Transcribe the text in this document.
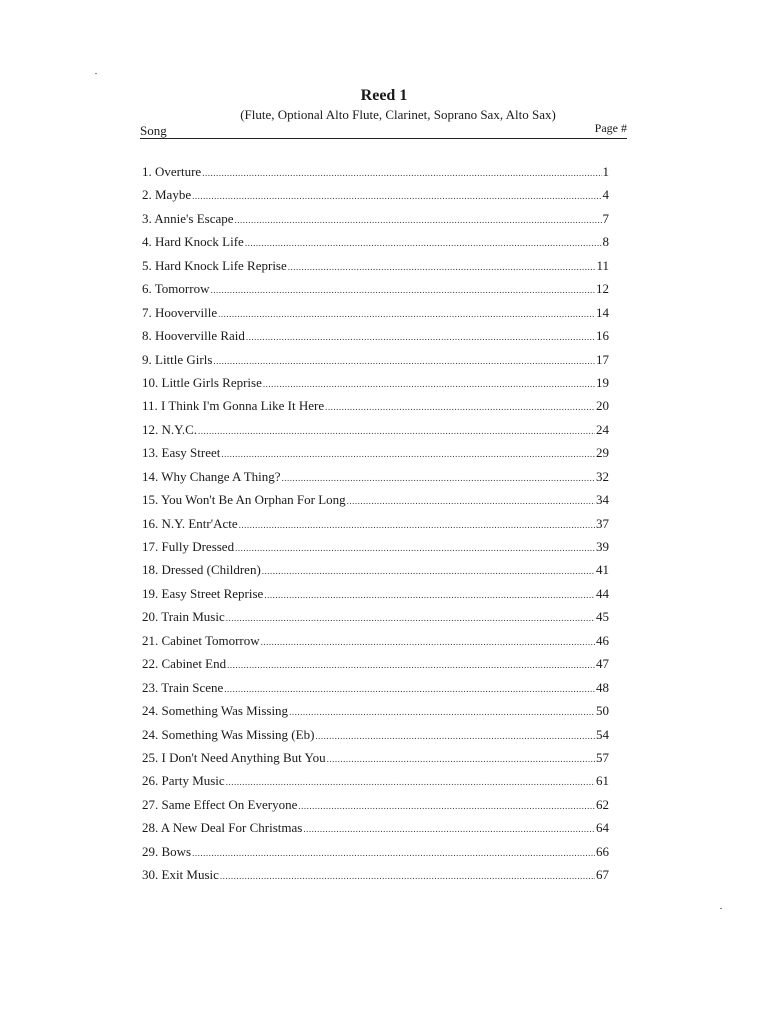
Reed 1
(Flute, Optional Alto Flute, Clarinet, Soprano Sax, Alto Sax)
Song	Page #
1. Overture .....	1
2. Maybe .....	4
3. Annie's Escape .....	7
4. Hard Knock Life .....	8
5. Hard Knock Life Reprise .....	11
6. Tomorrow .....	12
7. Hooverville .....	14
8. Hooverville Raid .....	16
9. Little Girls .....	17
10. Little Girls Reprise .....	19
11. I Think I'm Gonna Like It Here .....	20
12. N.Y.C. .....	24
13. Easy Street .....	29
14. Why Change A Thing? .....	32
15. You Won't Be An Orphan For Long .....	34
16. N.Y. Entr'Acte .....	37
17. Fully Dressed .....	39
18. Dressed (Children) .....	41
19. Easy Street Reprise .....	44
20. Train Music .....	45
21. Cabinet Tomorrow .....	46
22. Cabinet End .....	47
23. Train Scene .....	48
24. Something Was Missing .....	50
24. Something Was Missing (Eb) .....	54
25. I Don't Need Anything But You .....	57
26. Party Music .....	61
27. Same Effect On Everyone .....	62
28. A New Deal For Christmas .....	64
29. Bows .....	66
30. Exit Music .....	67
